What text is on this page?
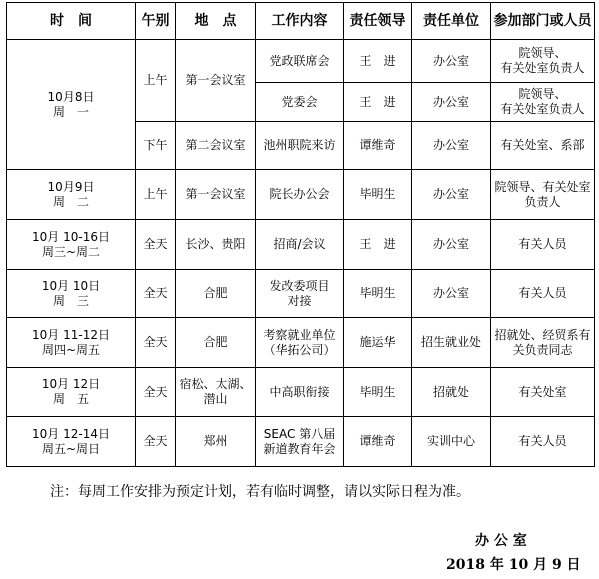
时　间	午别	地　点	工作内容	责任领导	责任单位	参加部门或人员

10月8日
周　一	上午	第一会议室	党政联席会	王　进	办公室	院领导、
有关处室负责人

			党委会	王　进	办公室	院领导、
有关处室负责人

	下午	第二会议室	池州职院来访	谭维奇	办公室	有关处室、系部

10月9日
周　二	上午	第一会议室	院长办公会	毕明生	办公室	院领导、有关处室
负责人

10月 10-16日
周三~周二	全天	长沙、贵阳	招商/会议	王　进	办公室	有关人员

10月 10日
周　三	全天	合肥	发改委项目
对接	毕明生	办公室	有关人员

10月 11-12日
周四~周五	全天	合肥	考察就业单位
（华拓公司）	施运华	招生就业处	招就处、经贸系有
关负责同志

10月 12日
周　五	全天	宿松、太湖、潜山	中高职衔接	毕明生	招就处	有关处室

10月 12-14日
周五~周日	全天	郑州	SEAC 第八届
新道教育年会	谭维奇	实训中心	有关人员
注：每周工作安排为预定计划，若有临时调整，请以实际日程为准。
办 公 室
2018 年 10 月 9 日
